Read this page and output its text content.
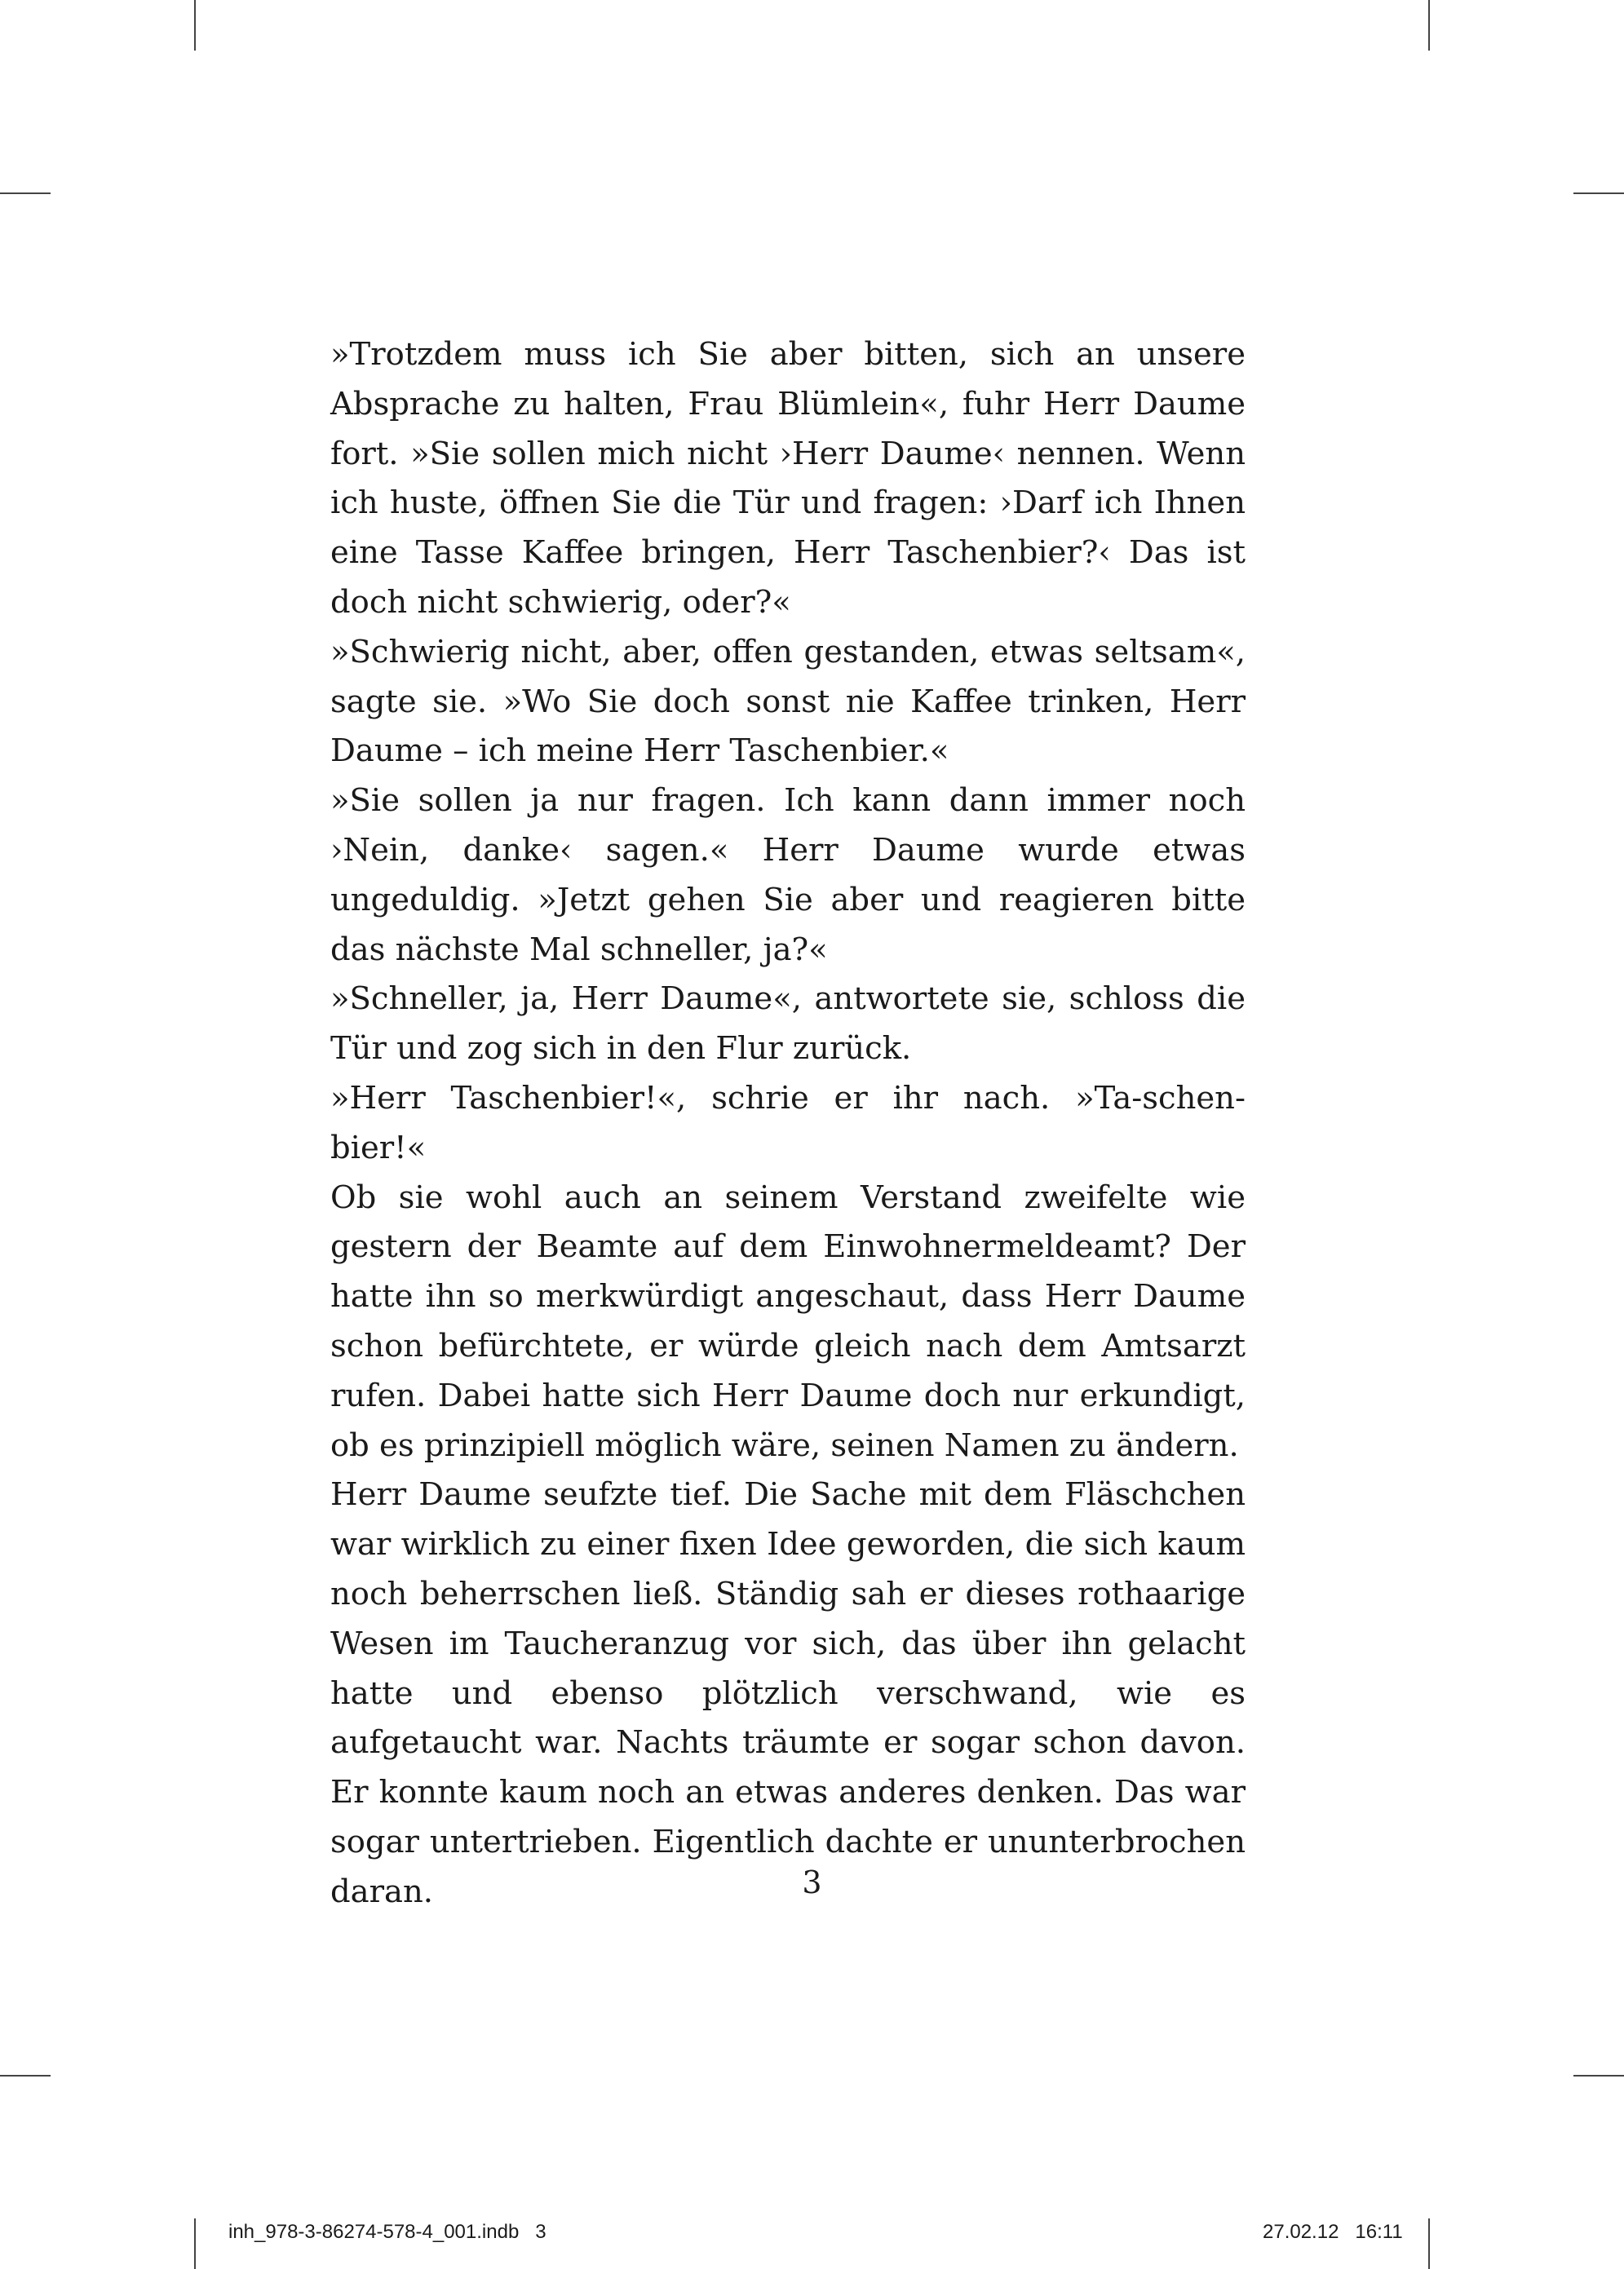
»Trotzdem muss ich Sie aber bitten, sich an unsere Absprache zu halten, Frau Blümlein«, fuhr Herr Daume fort. »Sie sollen mich nicht ›Herr Daume‹ nennen. Wenn ich huste, öffnen Sie die Tür und fragen: ›Darf ich Ihnen eine Tasse Kaffee bringen, Herr Taschenbier?‹ Das ist doch nicht schwierig, oder?«

»Schwierig nicht, aber, offen gestanden, etwas seltsam«, sagte sie. »Wo Sie doch sonst nie Kaffee trinken, Herr Daume – ich meine Herr Taschenbier.«

»Sie sollen ja nur fragen. Ich kann dann immer noch ›Nein, danke‹ sagen.« Herr Daume wurde etwas ungeduldig. »Jetzt gehen Sie aber und reagieren bitte das nächste Mal schneller, ja?«

»Schneller, ja, Herr Daume«, antwortete sie, schloss die Tür und zog sich in den Flur zurück.

»Herr Taschenbier!«, schrie er ihr nach. »Ta-schen-bier!«

Ob sie wohl auch an seinem Verstand zweifelte wie gestern der Beamte auf dem Einwohnermeldeamt? Der hatte ihn so merkwürdigt angeschaut, dass Herr Daume schon befürchtete, er würde gleich nach dem Amtsarzt rufen. Dabei hatte sich Herr Daume doch nur erkundigt, ob es prinzipiell möglich wäre, seinen Namen zu ändern.

Herr Daume seufzte tief. Die Sache mit dem Fläschchen war wirklich zu einer fixen Idee geworden, die sich kaum noch beherrschen ließ. Ständig sah er dieses rothaarige Wesen im Taucheranzug vor sich, das über ihn gelacht hatte und ebenso plötzlich verschwand, wie es aufgetaucht war. Nachts träumte er sogar schon davon. Er konnte kaum noch an etwas anderes denken. Das war sogar untertrieben. Eigentlich dachte er ununterbrochen daran.	3
inh_978-3-86274-578-4_001.indb   3	27.02.12   16:11
